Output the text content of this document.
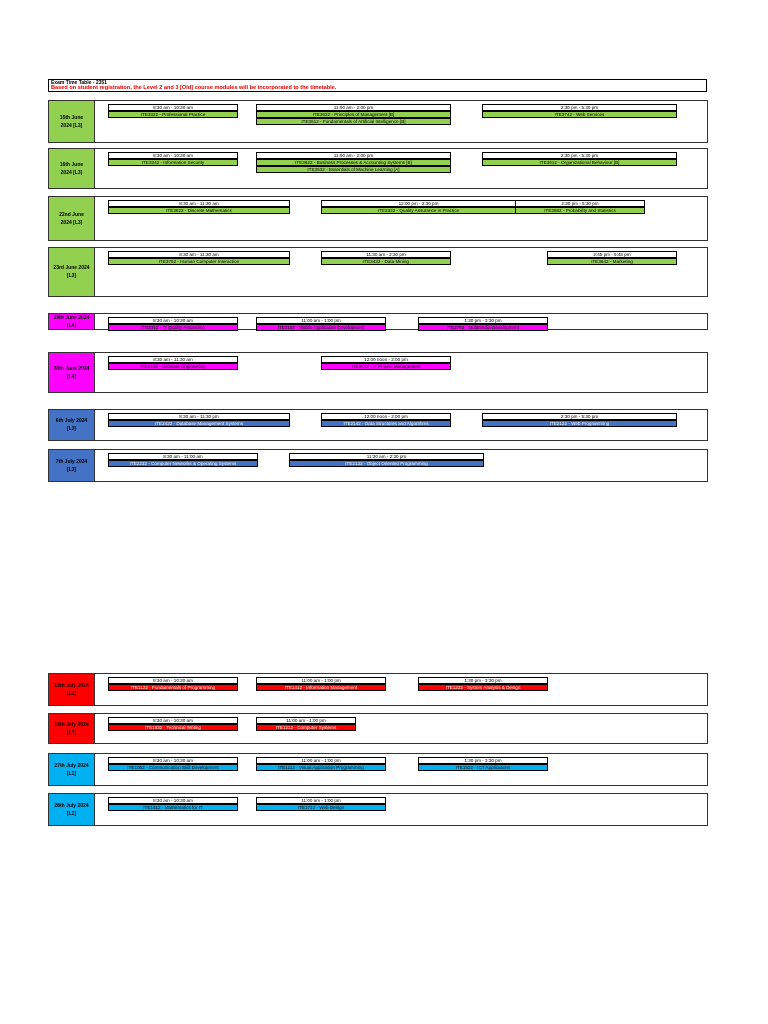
Exam Time Table - 2351
Based on student registration, the Level 2 and 3 [Old] course modules will be incorporated to the timetable.
15th June
2024 [L3]
8:30 am - 10:30 am
ITE3322 - Professional Practice
11:00 am - 2:00 pm
ITE3632 - Principles of Management [B]
ITE3512 - Fundamentals of Artificial Intelligence [B]
2:30 pm - 5:30 pm
ITE3742 - Web Services
16th June
2024 [L3]
8:30 am - 10:30 am
ITE3242 - Information Security
11:00 am - 2:00 pm
ITE3622 - Business Processes & Accounting Systems [B]
ITE3532 - Essentials of Machine Learning [A]
2:30 pm - 5:30 pm
ITE3612 - Organizational Behaviour [B]
22nd June
2024 [L3]
8:30 am - 11:30 am
ITE3822 - Discrete Mathematics
12:00 pm - 2:30 pm
ITE3332 - Quality Assurance in Practice
2:30 pm - 5:30 pm
ITE3882 - Probability and Statistics
23rd June 2024
[L3]
8:30 am - 11:30 am
ITE3752 - Human Computer Interaction
11:30 am - 2:30 pm
ITE3432 - Data Mining
2:45 pm - 5:45 pm
ITE3642 - Marketing
29th June 2024
[L4]
8:30 am - 10:30 am
ITE2312 - IT Quality Assurance
11:00 am - 1:00 pm
ITE2152 - Mobile Application Development
1:30 pm - 3:30 pm
ITE2752 - Multimedia Development
30th June 2024
[L4]
8:30 am - 11:30 am
ITE2332 - Software Engineering
12:00 noon - 2:00 pm
ITE2612 - IT Project Management
6th July 2024
[L3]
8:30 am - 11:30 pm
ITE2422 - Database Management Systems
12:00 noon - 2:00 pm
ITE2142 - Data Structures and Algorithms
2:30 pm - 5:30 pm
ITE2122 - Web Programming
7th July 2024
[L3]
8:30 am - 11:00 am
ITE2232 - Computer Networks & Operating Systems
11:30 am - 2:30 pm
ITE2132 - Object Oriented Programming
13th July 2024
[L1]
8:30 am - 10:30 am
ITE1122 - Fundamentals of Programming
11:00 am - 1:00 pm
ITE1412 - Information Management
1:30 pm - 3:30 pm
ITE1222 - System Analysis & Design
14th July 2024
[L1]
8:30 am - 10:30 am
ITE1932 - Technical Writing
11:00 am - 1:00 pm
ITE1212 - Computer Systems
27th July 2024
[L1]
8:30 am - 10:30 am
ITE1052 - Communication Skill Development
11:00 am - 1:00 pm
ITE1112 - Visual Application Programming
1:30 pm - 3:30 pm
ITE1922 - ICT Applications
28th July 2024
[L1]
8:30 am - 10:30 am
ITE1812 - Mathematics for IT
11:00 am - 1:00 pm
ITE1712 - Web Design
